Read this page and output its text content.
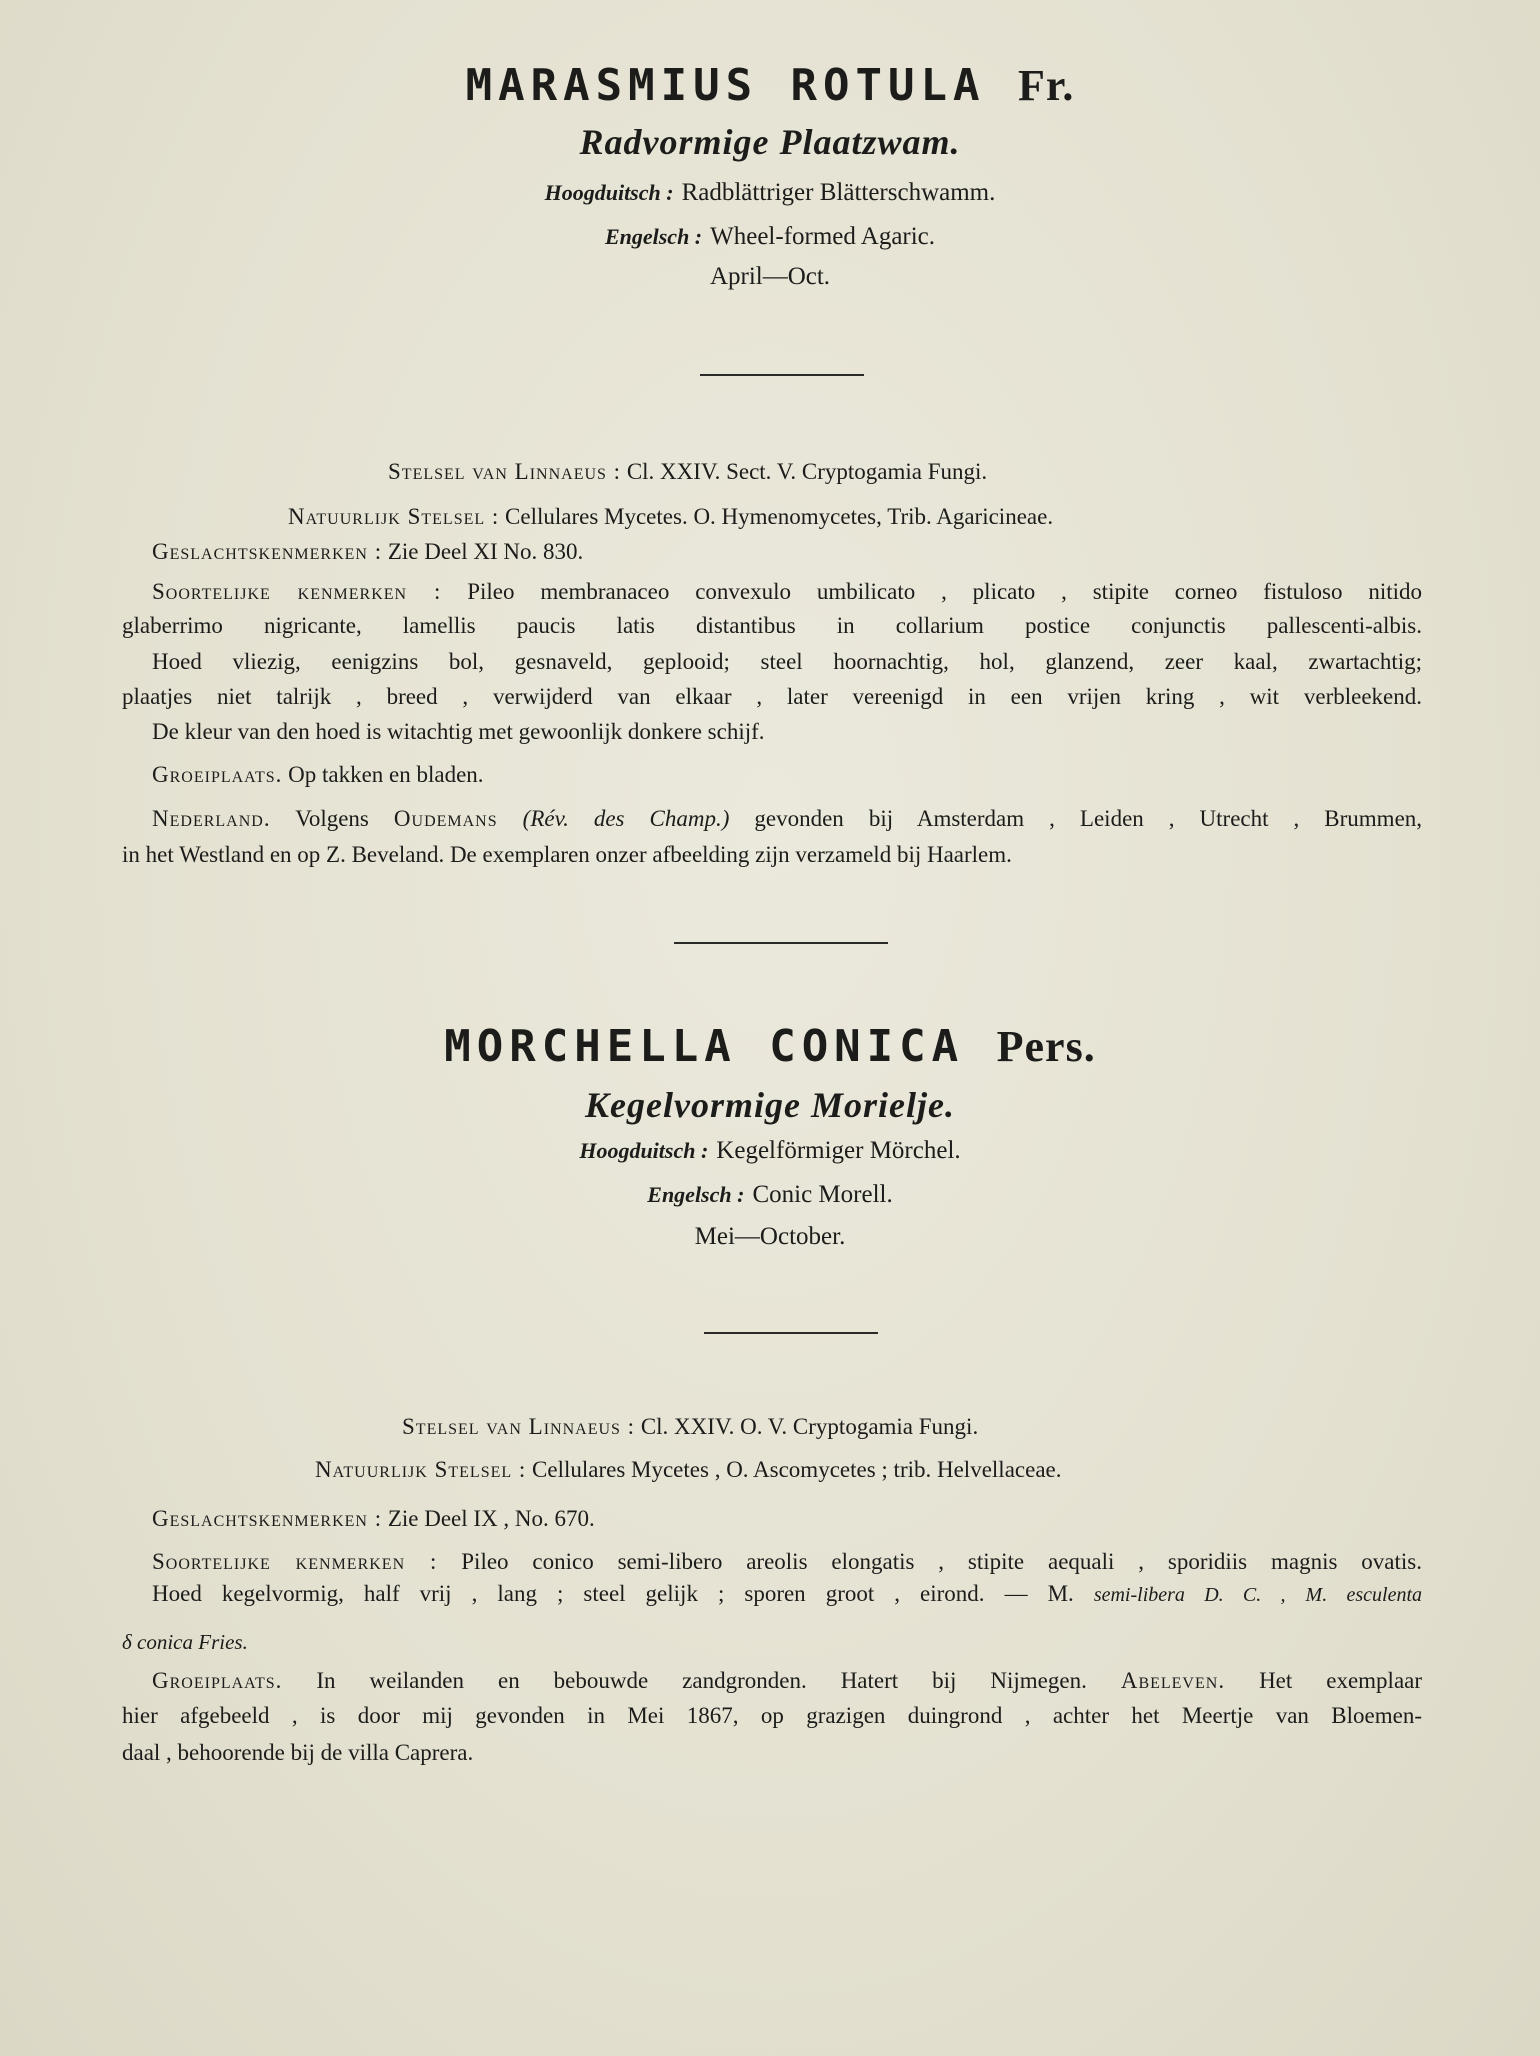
MARASMIUS ROTULA Fr.
Radvormige Plaatzwam.
Hoogduitsch : Radblättriger Blätterschwamm.
Engelsch : Wheel-formed Agaric.
April—Oct.
Stelsel van Linnaeus : Cl. XXIV. Sect. V. Cryptogamia Fungi.
Natuurlijk Stelsel : Cellulares Mycetes. O. Hymenomycetes, Trib. Agaricineae.
Geslachtskenmerken : Zie Deel XI No. 830.
Soortelijke kenmerken : Pileo membranaceo convexulo umbilicato , plicato , stipite corneo fistuloso nitido
glaberrimo nigricante, lamellis paucis latis distantibus in collarium postice conjunctis pallescenti-albis.
Hoed vliezig, eenigzins bol, gesnaveld, geplooid; steel hoornachtig, hol, glanzend, zeer kaal, zwartachtig;
plaatjes niet talrijk , breed , verwijderd van elkaar , later vereenigd in een vrijen kring , wit verbleekend.
De kleur van den hoed is witachtig met gewoonlijk donkere schijf.
Groeiplaats. Op takken en bladen.
Nederland. Volgens Oudemans (Rév. des Champ.) gevonden bij Amsterdam , Leiden , Utrecht , Brummen,
in het Westland en op Z. Beveland. De exemplaren onzer afbeelding zijn verzameld bij Haarlem.
MORCHELLA CONICA Pers.
Kegelvormige Morielje.
Hoogduitsch : Kegelförmiger Mörchel.
Engelsch : Conic Morell.
Mei—October.
Stelsel van Linnaeus : Cl. XXIV. O. V. Cryptogamia Fungi.
Natuurlijk Stelsel : Cellulares Mycetes , O. Ascomycetes ; trib. Helvellaceae.
Geslachtskenmerken : Zie Deel IX , No. 670.
Soortelijke kenmerken : Pileo conico semi-libero areolis elongatis , stipite aequali , sporidiis magnis ovatis.
Hoed kegelvormig, half vrij , lang ; steel gelijk ; sporen groot , eirond. — M. semi-libera D. C. , M. esculenta
δ conica Fries.
Groeiplaats. In weilanden en bebouwde zandgronden. Hatert bij Nijmegen. Abeleven. Het exemplaar
hier afgebeeld , is door mij gevonden in Mei 1867, op grazigen duingrond , achter het Meertje van Bloemen-
daal , behoorende bij de villa Caprera.
